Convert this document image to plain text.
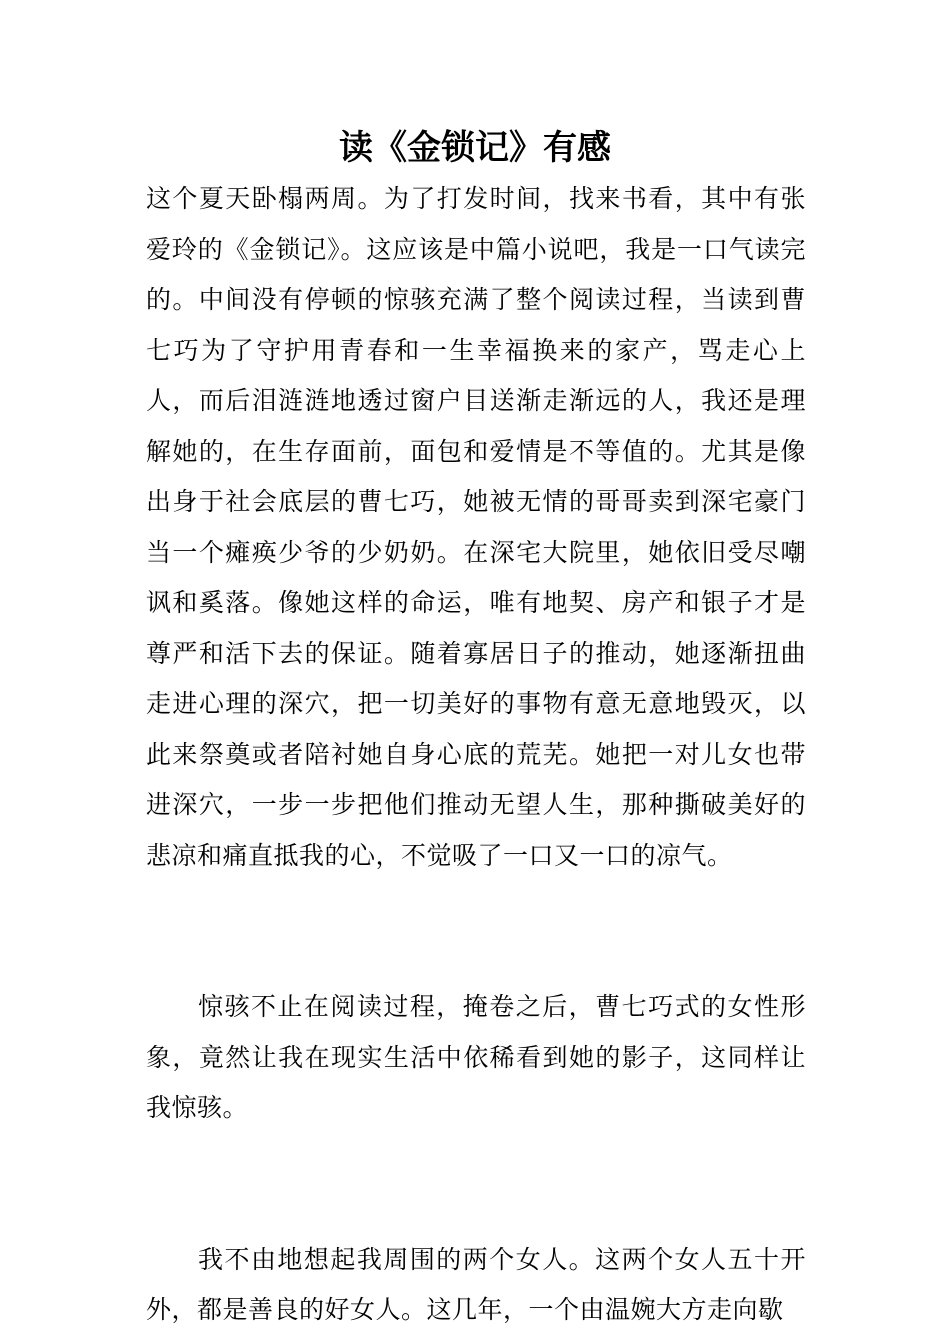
读《金锁记》有感

这个夏天卧榻两周。为了打发时间，找来书看，其中有张爱玲的《金锁记》。这应该是中篇小说吧，我是一口气读完的。中间没有停顿的惊骇充满了整个阅读过程，当读到曹七巧为了守护用青春和一生幸福换来的家产，骂走心上人，而后泪涟涟地透过窗户目送渐走渐远的人，我还是理解她的，在生存面前，面包和爱情是不等值的。尤其是像出身于社会底层的曹七巧，她被无情的哥哥卖到深宅豪门当一个瘫痪少爷的少奶奶。在深宅大院里，她依旧受尽嘲讽和奚落。像她这样的命运，唯有地契、房产和银子才是尊严和活下去的保证。随着寡居日子的推动，她逐渐扭曲走进心理的深穴，把一切美好的事物有意无意地毁灭，以此来祭奠或者陪衬她自身心底的荒芜。她把一对儿女也带进深穴，一步一步把他们推动无望人生，那种撕破美好的悲凉和痛直抵我的心，不觉吸了一口又一口的凉气。

惊骇不止在阅读过程，掩卷之后，曹七巧式的女性形象，竟然让我在现实生活中依稀看到她的影子，这同样让我惊骇。

我不由地想起我周围的两个女人。这两个女人五十开外，都是善良的好女人。这几年，一个由温婉大方走向歇
